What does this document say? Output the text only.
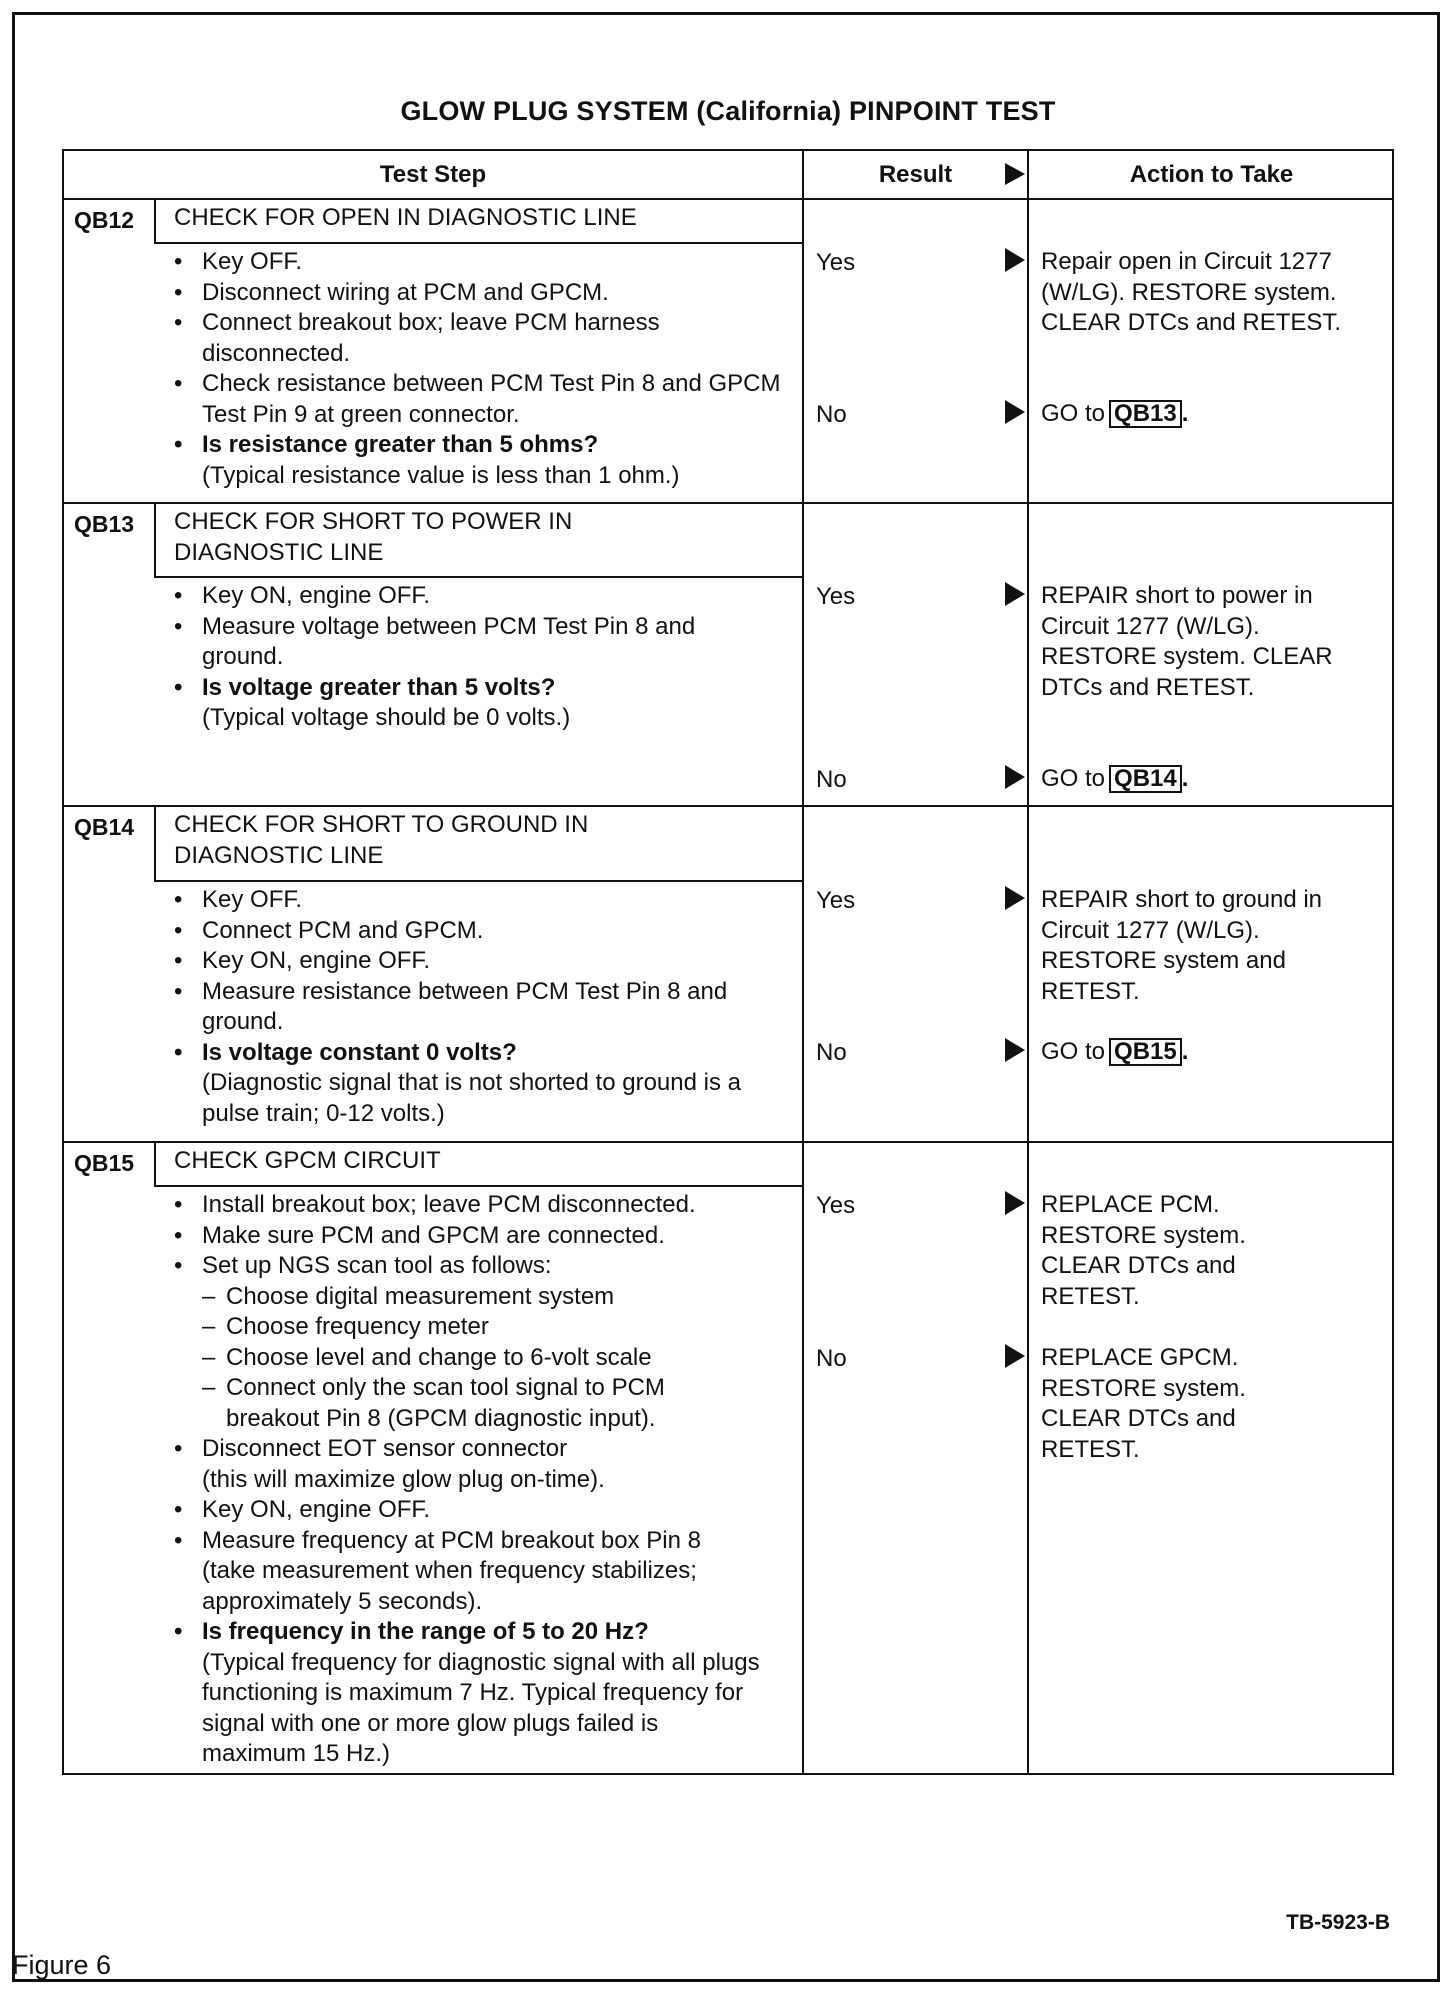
GLOW PLUG SYSTEM (California) PINPOINT TEST
Test Step	Result	Action to Take
QB12 CHECK FOR OPEN IN DIAGNOSTIC LINE
• Key OFF.
• Disconnect wiring at PCM and GPCM.
• Connect breakout box; leave PCM harness disconnected.
• Check resistance between PCM Test Pin 8 and GPCM Test Pin 9 at green connector.
• Is resistance greater than 5 ohms?
(Typical resistance value is less than 1 ohm.)
Yes	Repair open in Circuit 1277 (W/LG). RESTORE system. CLEAR DTCs and RETEST.
No	GO to QB13 .
QB13 CHECK FOR SHORT TO POWER IN DIAGNOSTIC LINE
• Key ON, engine OFF.
• Measure voltage between PCM Test Pin 8 and ground.
• Is voltage greater than 5 volts?
(Typical voltage should be 0 volts.)
Yes	REPAIR short to power in Circuit 1277 (W/LG). RESTORE system. CLEAR DTCs and RETEST.
No	GO to QB14 .
QB14 CHECK FOR SHORT TO GROUND IN DIAGNOSTIC LINE
• Key OFF.
• Connect PCM and GPCM.
• Key ON, engine OFF.
• Measure resistance between PCM Test Pin 8 and ground.
• Is voltage constant 0 volts?
(Diagnostic signal that is not shorted to ground is a pulse train; 0-12 volts.)
Yes	REPAIR short to ground in Circuit 1277 (W/LG). RESTORE system and RETEST.
No	GO to QB15 .
QB15 CHECK GPCM CIRCUIT
• Install breakout box; leave PCM disconnected.
• Make sure PCM and GPCM are connected.
• Set up NGS scan tool as follows:
– Choose digital measurement system
– Choose frequency meter
– Choose level and change to 6-volt scale
– Connect only the scan tool signal to PCM
breakout Pin 8 (GPCM diagnostic input).
• Disconnect EOT sensor connector
(this will maximize glow plug on-time).
• Key ON, engine OFF.
• Measure frequency at PCM breakout box Pin 8 (take measurement when frequency stabilizes; approximately 5 seconds).
• Is frequency in the range of 5 to 20 Hz?
(Typical frequency for diagnostic signal with all plugs functioning is maximum 7 Hz. Typical frequency for signal with one or more glow plugs failed is maximum 15 Hz.)
Yes	REPLACE PCM. RESTORE system. CLEAR DTCs and RETEST.
No	REPLACE GPCM. RESTORE system. CLEAR DTCs and RETEST.
TB-5923-B
Figure 6
